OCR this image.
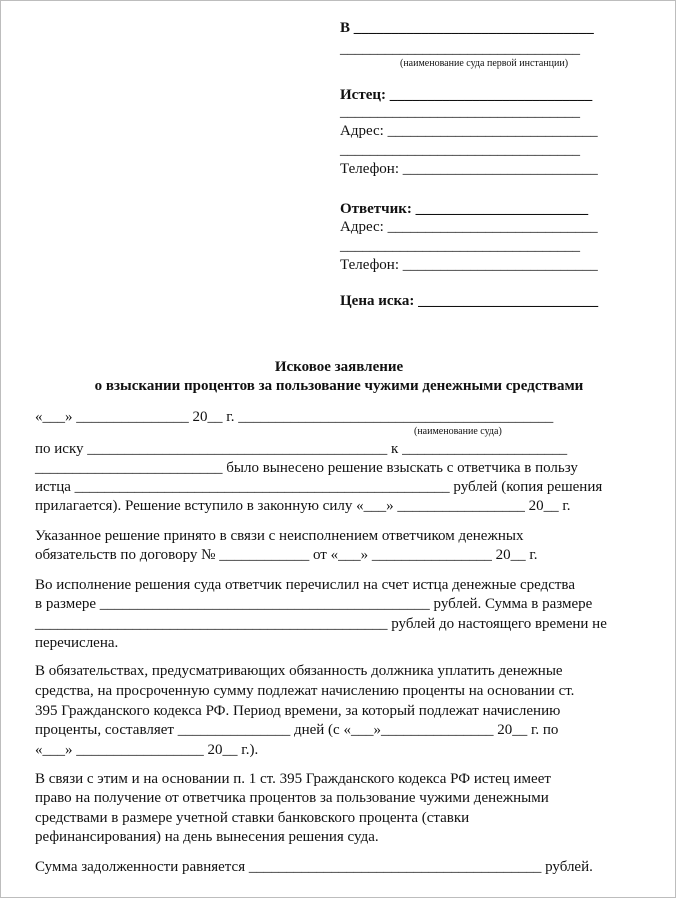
В ________________________________
________________________________
(наименование суда первой инстанции)
Истец: ___________________________
________________________________
Адрес: ____________________________
________________________________
Телефон: __________________________
Ответчик: _______________________
Адрес: ____________________________
________________________________
Телефон: __________________________
Цена иска: ________________________
Исковое заявление
о взыскании процентов за пользование чужими денежными средствами
«___» _______________ 20__ г. __________________________________________
(наименование суда)
по иску ________________________________________ к ______________________
_________________________ было вынесено решение взыскать с ответчика в пользу
истца __________________________________________________ рублей (копия решения
прилагается). Решение вступило в законную силу «___» _________________ 20__ г.
Указанное решение принято в связи с неисполнением ответчиком денежных
обязательств по договору № ____________ от «___» ________________ 20__ г.
Во исполнение решения суда ответчик перечислил на счет истца денежные средства
в размере ____________________________________________ рублей. Сумма в размере
_______________________________________________ рублей до настоящего времени не
перечислена.
В обязательствах, предусматривающих обязанность должника уплатить денежные
средства, на просроченную сумму подлежат начислению проценты на основании ст.
395 Гражданского кодекса РФ. Период времени, за который подлежат начислению
проценты, составляет _______________ дней (с «___»_______________ 20__ г. по
«___» _________________ 20__ г.).
В связи с этим и на основании п. 1 ст. 395 Гражданского кодекса РФ истец имеет
право на получение от ответчика процентов за пользование чужими денежными
средствами в размере учетной ставки банковского процента (ставки
рефинансирования) на день вынесения решения суда.
Сумма задолженности равняется _______________________________________ рублей.
